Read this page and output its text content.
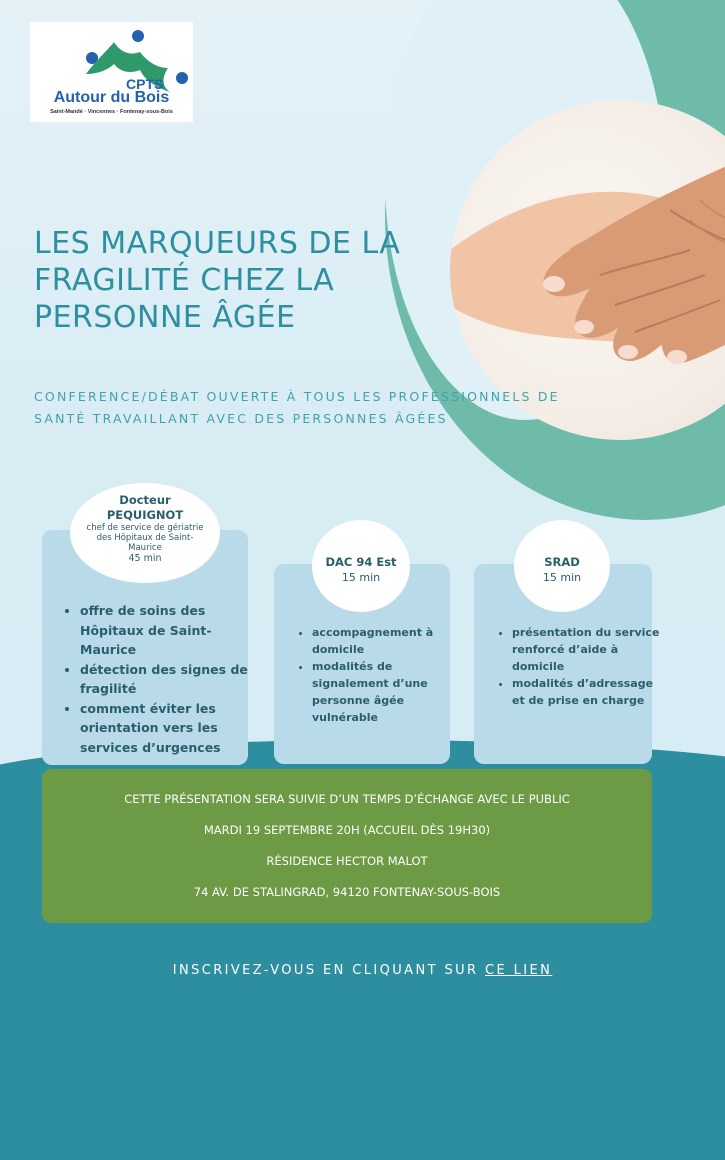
CPTS
Autour du Bois
Saint-Mandé · Vincennes · Fontenay-sous-Bois
LES MARQUEURS DE LA FRAGILITÉ CHEZ LA PERSONNE ÂGÉE
CONFERENCE/DÉBAT OUVERTE À TOUS LES PROFESSIONNELS DE
SANTÉ TRAVAILLANT AVEC DES PERSONNES ÂGÉES
Docteur
PEQUIGNOT
chef de service de gériatrie
des Hôpitaux de Saint-
Maurice
45 min
• offre de soins des Hôpitaux de Saint-Maurice
• détection des signes de fragilité
• comment éviter les orientation vers les services d’urgences
DAC 94 Est
15 min
• accompagnement à domicile
• modalités de signalement d’une personne âgée vulnérable
SRAD
15 min
• présentation du service renforcé d’aide à domicile
• modalités d’adressage et de prise en charge
CETTE PRÉSENTATION SERA SUIVIE D’UN TEMPS D’ÉCHANGE AVEC LE PUBLIC
MARDI 19 SEPTEMBRE 20H (ACCUEIL DÈS 19H30)
RÉSIDENCE HECTOR MALOT
74 AV. DE STALINGRAD, 94120 FONTENAY-SOUS-BOIS
INSCRIVEZ-VOUS EN CLIQUANT SUR CE LIEN
